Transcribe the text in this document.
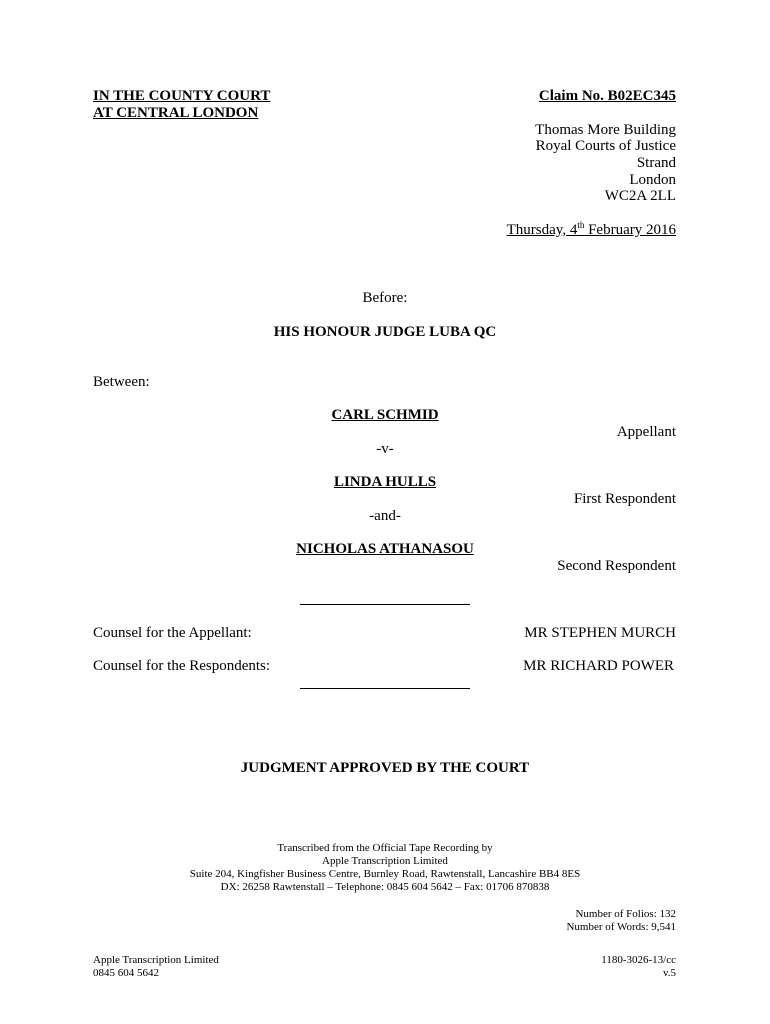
IN THE COUNTY COURT
AT CENTRAL LONDON
Claim No. B02EC345
Thomas More Building
Royal Courts of Justice
Strand
London
WC2A 2LL
Thursday, 4th February 2016
Before:
HIS HONOUR JUDGE LUBA QC
Between:
CARL SCHMID
Appellant
-v-
LINDA HULLS
First Respondent
-and-
NICHOLAS ATHANASOU
Second Respondent
Counsel for the Appellant:	MR STEPHEN MURCH
Counsel for the Respondents:	MR RICHARD POWER
JUDGMENT APPROVED BY THE COURT
Transcribed from the Official Tape Recording by
Apple Transcription Limited
Suite 204, Kingfisher Business Centre, Burnley Road, Rawtenstall, Lancashire BB4 8ES
DX: 26258 Rawtenstall – Telephone: 0845 604 5642 – Fax: 01706 870838
Number of Folios: 132
Number of Words: 9,541
Apple Transcription Limited
0845 604 5642
1180-3026-13/cc
v.5
